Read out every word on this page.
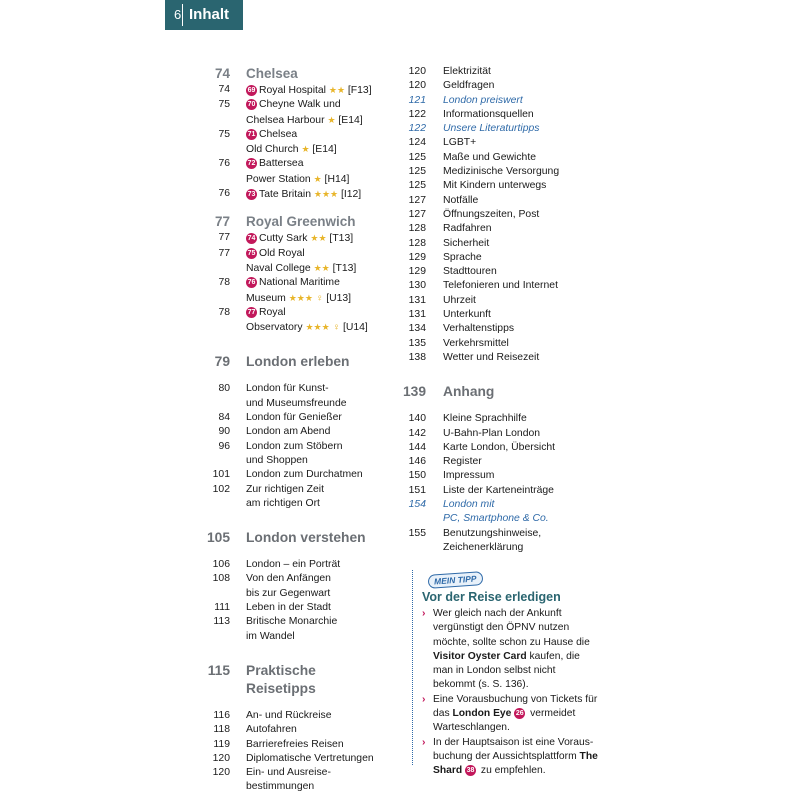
6 Inhalt
74 Chelsea
74	69 Royal Hospital ★★ [F13]
75	70 Cheyne Walk und
Chelsea Harbour ★ [E14]
75	71 Chelsea
Old Church ★ [E14]
76	72 Battersea
Power Station ★ [H14]
76	73 Tate Britain ★★★ [I12]
77 Royal Greenwich
77	74 Cutty Sark ★★ [T13]
77	75 Old Royal
Naval College ★★ [T13]
78	76 National Maritime
Museum ★★★ ♀ [U13]
78	77 Royal
Observatory ★★★ ♀ [U14]
79 London erleben
80 London für Kunst-
und Museumsfreunde
84 London für Genießer
90 London am Abend
96 London zum Stöbern
und Shoppen
101 London zum Durchatmen
102 Zur richtigen Zeit
am richtigen Ort
105 London verstehen
106 London – ein Porträt
108 Von den Anfängen
bis zur Gegenwart
111 Leben in der Stadt
113 Britische Monarchie
im Wandel
115 Praktische Reisetipps
116 An- und Rückreise
118 Autofahren
119 Barrierefreies Reisen
120 Diplomatische Vertretungen
120 Ein- und Ausreise-
bestimmungen
120 Elektrizität
120 Geldfragen
121 London preiswert
122 Informationsquellen
122 Unsere Literaturtipps
124 LGBT+
125 Maße und Gewichte
125 Medizinische Versorgung
125 Mit Kindern unterwegs
127 Notfälle
127 Öffnungszeiten, Post
128 Radfahren
128 Sicherheit
129 Sprache
129 Stadttouren
130 Telefonieren und Internet
131 Uhrzeit
131 Unterkunft
134 Verhaltenstipps
135 Verkehrsmittel
138 Wetter und Reisezeit
139 Anhang
140 Kleine Sprachhilfe
142 U-Bahn-Plan London
144 Karte London, Übersicht
146 Register
150 Impressum
151 Liste der Karteneinträge
154 London mit
PC, Smartphone & Co.
155 Benutzungshinweise,
Zeichenerklärung
MEIN TIPP
Vor der Reise erledigen
› Wer gleich nach der Ankunft vergünstigt den ÖPNV nutzen möchte, sollte schon zu Hause die Visitor Oyster Card kaufen, die man in London selbst nicht bekommt (s. S. 136).
› Eine Vorausbuchung von Tickets für das London Eye 26 vermeidet Warteschlangen.
› In der Hauptsaison ist eine Vorausbuchung der Aussichtsplattform The Shard 38 zu empfehlen.
